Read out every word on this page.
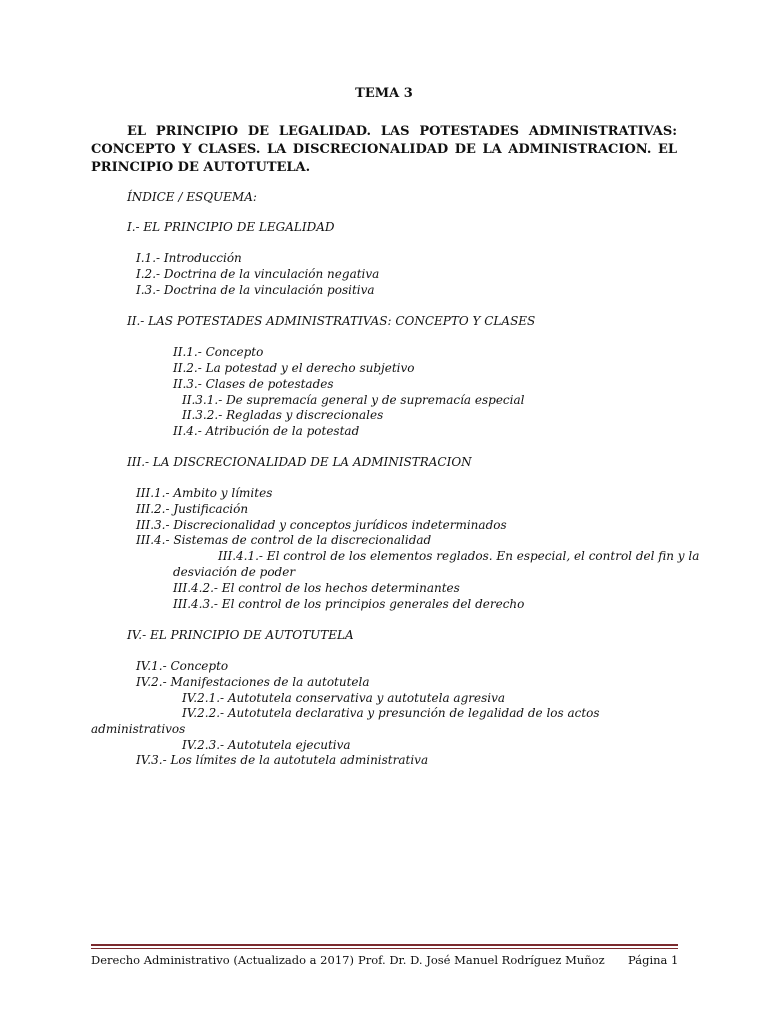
TEMA 3
EL PRINCIPIO DE LEGALIDAD. LAS POTESTADES ADMINISTRATIVAS: CONCEPTO Y CLASES. LA DISCRECIONALIDAD DE LA ADMINISTRACION. EL PRINCIPIO DE AUTOTUTELA.
ÍNDICE / ESQUEMA:
I.- EL PRINCIPIO DE LEGALIDAD
I.1.- Introducción
I.2.- Doctrina de la vinculación negativa
I.3.- Doctrina de la vinculación positiva
II.- LAS POTESTADES ADMINISTRATIVAS: CONCEPTO Y CLASES
II.1.- Concepto
II.2.- La potestad y el derecho subjetivo
II.3.- Clases de potestades
II.3.1.- De supremacía general y de supremacía especial
II.3.2.- Regladas y discrecionales
II.4.- Atribución de la potestad
III.- LA DISCRECIONALIDAD DE LA ADMINISTRACION
III.1.- Ambito y límites
III.2.- Justificación
III.3.- Discrecionalidad y conceptos jurídicos indeterminados
III.4.- Sistemas de control de la discrecionalidad
III.4.1.- El control de los elementos reglados. En especial, el control del fin y la
desviación de poder
III.4.2.- El control de los hechos determinantes
III.4.3.- El control de los principios generales del derecho
IV.- EL PRINCIPIO DE AUTOTUTELA
IV.1.- Concepto
IV.2.- Manifestaciones de la autotutela
IV.2.1.- Autotutela conservativa y autotutela agresiva
IV.2.2.- Autotutela declarativa y presunción de legalidad de los actos
administrativos
IV.2.3.- Autotutela ejecutiva
IV.3.- Los límites de la autotutela administrativa
Derecho Administrativo (Actualizado a 2017) Prof. Dr. D. José Manuel Rodríguez Muñoz Página 1
